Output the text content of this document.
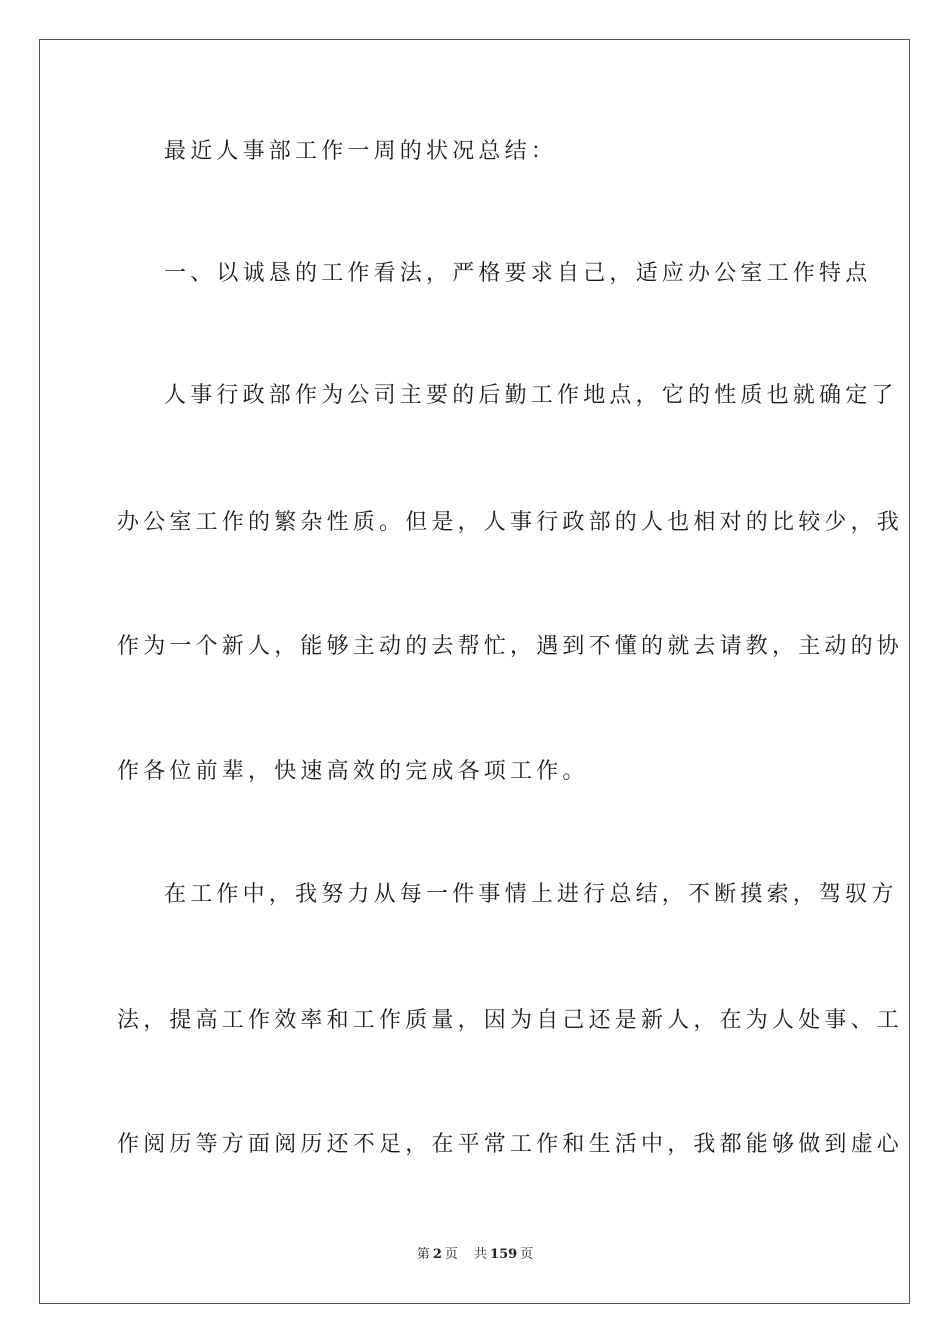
最近人事部工作一周的状况总结：
一、以诚恳的工作看法，严格要求自己，适应办公室工作特点
人事行政部作为公司主要的后勤工作地点，它的性质也就确定了
办公室工作的繁杂性质。但是，人事行政部的人也相对的比较少，我
作为一个新人，能够主动的去帮忙，遇到不懂的就去请教，主动的协
作各位前辈，快速高效的完成各项工作。
在工作中，我努力从每一件事情上进行总结，不断摸索，驾驭方
法，提高工作效率和工作质量，因为自己还是新人，在为人处事、工
作阅历等方面阅历还不足，在平常工作和生活中，我都能够做到虚心
第 2 页 共 159 页
